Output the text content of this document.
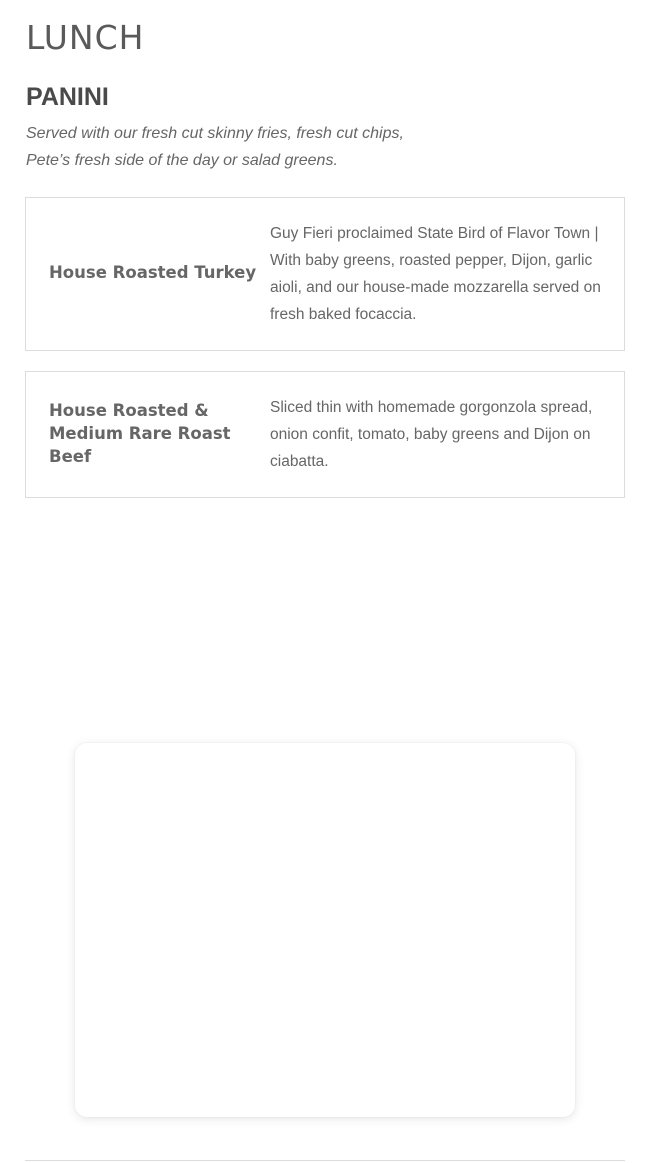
LUNCH
PANINI

Served with our fresh cut skinny fries, fresh cut chips,
Pete’s fresh side of the day or salad greens.

House Roasted Turkey
Guy Fieri proclaimed State Bird of Flavor Town | With baby greens, roasted pepper, Dijon, garlic aioli, and our house-made mozzarella served on fresh baked focaccia.
House Roasted & Medium Rare Roast Beef
Sliced thin with homemade gorgonzola spread, onion confit, tomato, baby greens and Dijon on ciabatta.
